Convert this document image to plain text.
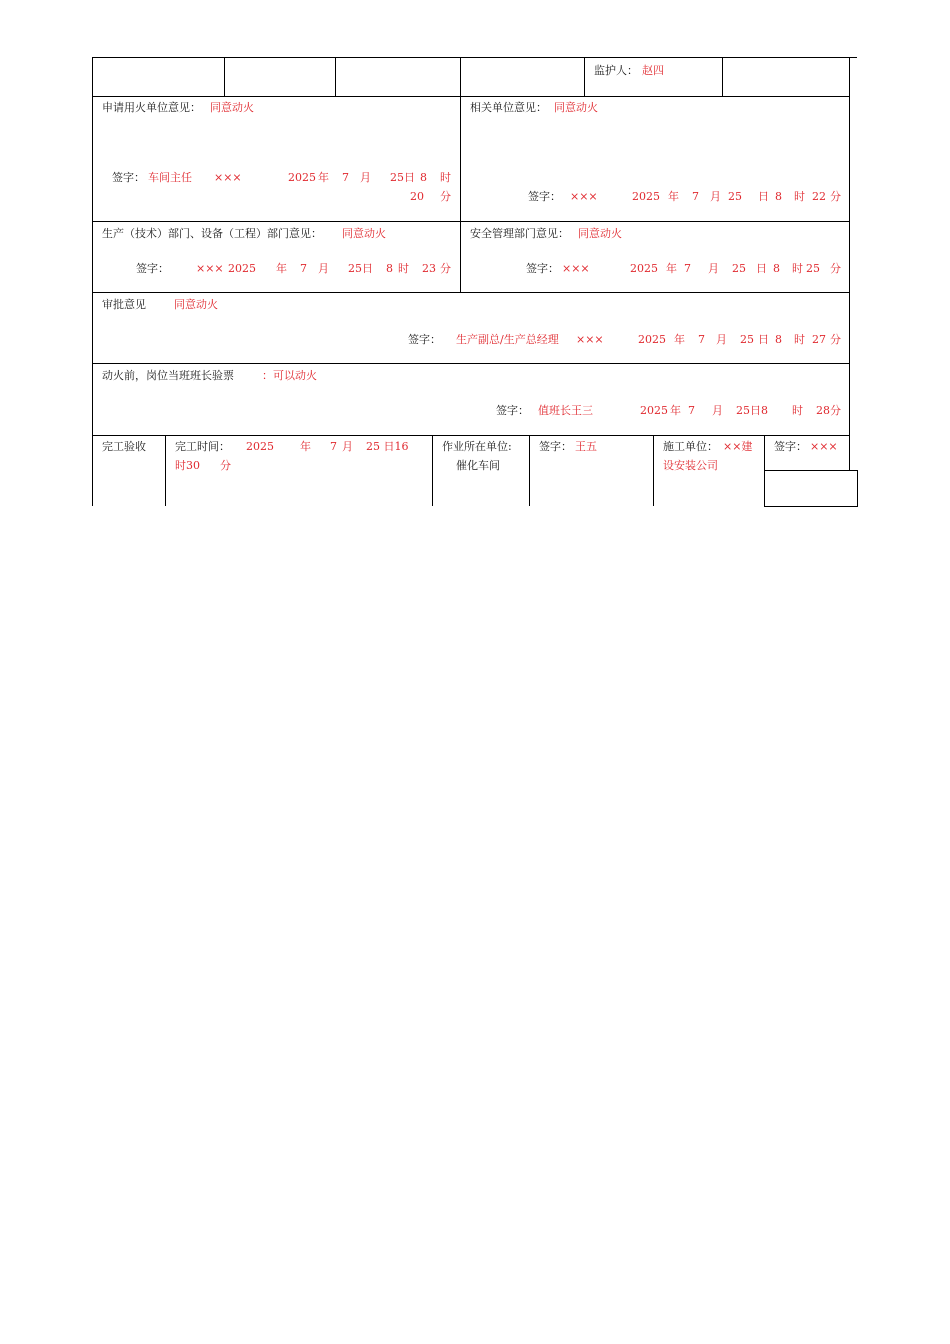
监护人： 赵四
申请用火单位意见： 同意动火
签字： 车间主任 ×××	2025 年 7 月 25日 8 时
20 分
相关单位意见： 同意动火
签字： ×××	2025 年 7 月 25 日 8 时 22 分
生产（技术）部门、设备（工程）部门意见： 同意动火
签字： ××× 2025 年 7 月 25日 8 时 23 分
安全管理部门意见： 同意动火
签字： ×××	2025 年 7 月 25 日 8 时 25 分
审批意见	同意动火
签字： 生产副总/生产总经理 ×××	2025 年 7 月 25 日 8 时 27 分
动火前，岗位当班班长验票	：可以动火
签字： 值班长王三	2025 年 7 月 25日8 时 28 分
完工验收	完工时间： 2025 年 7 月 25 日16
时30 分
作业所在单位:
催化车间
签字： 王五	施工单位： ××建
设安装公司
签字： ×××
